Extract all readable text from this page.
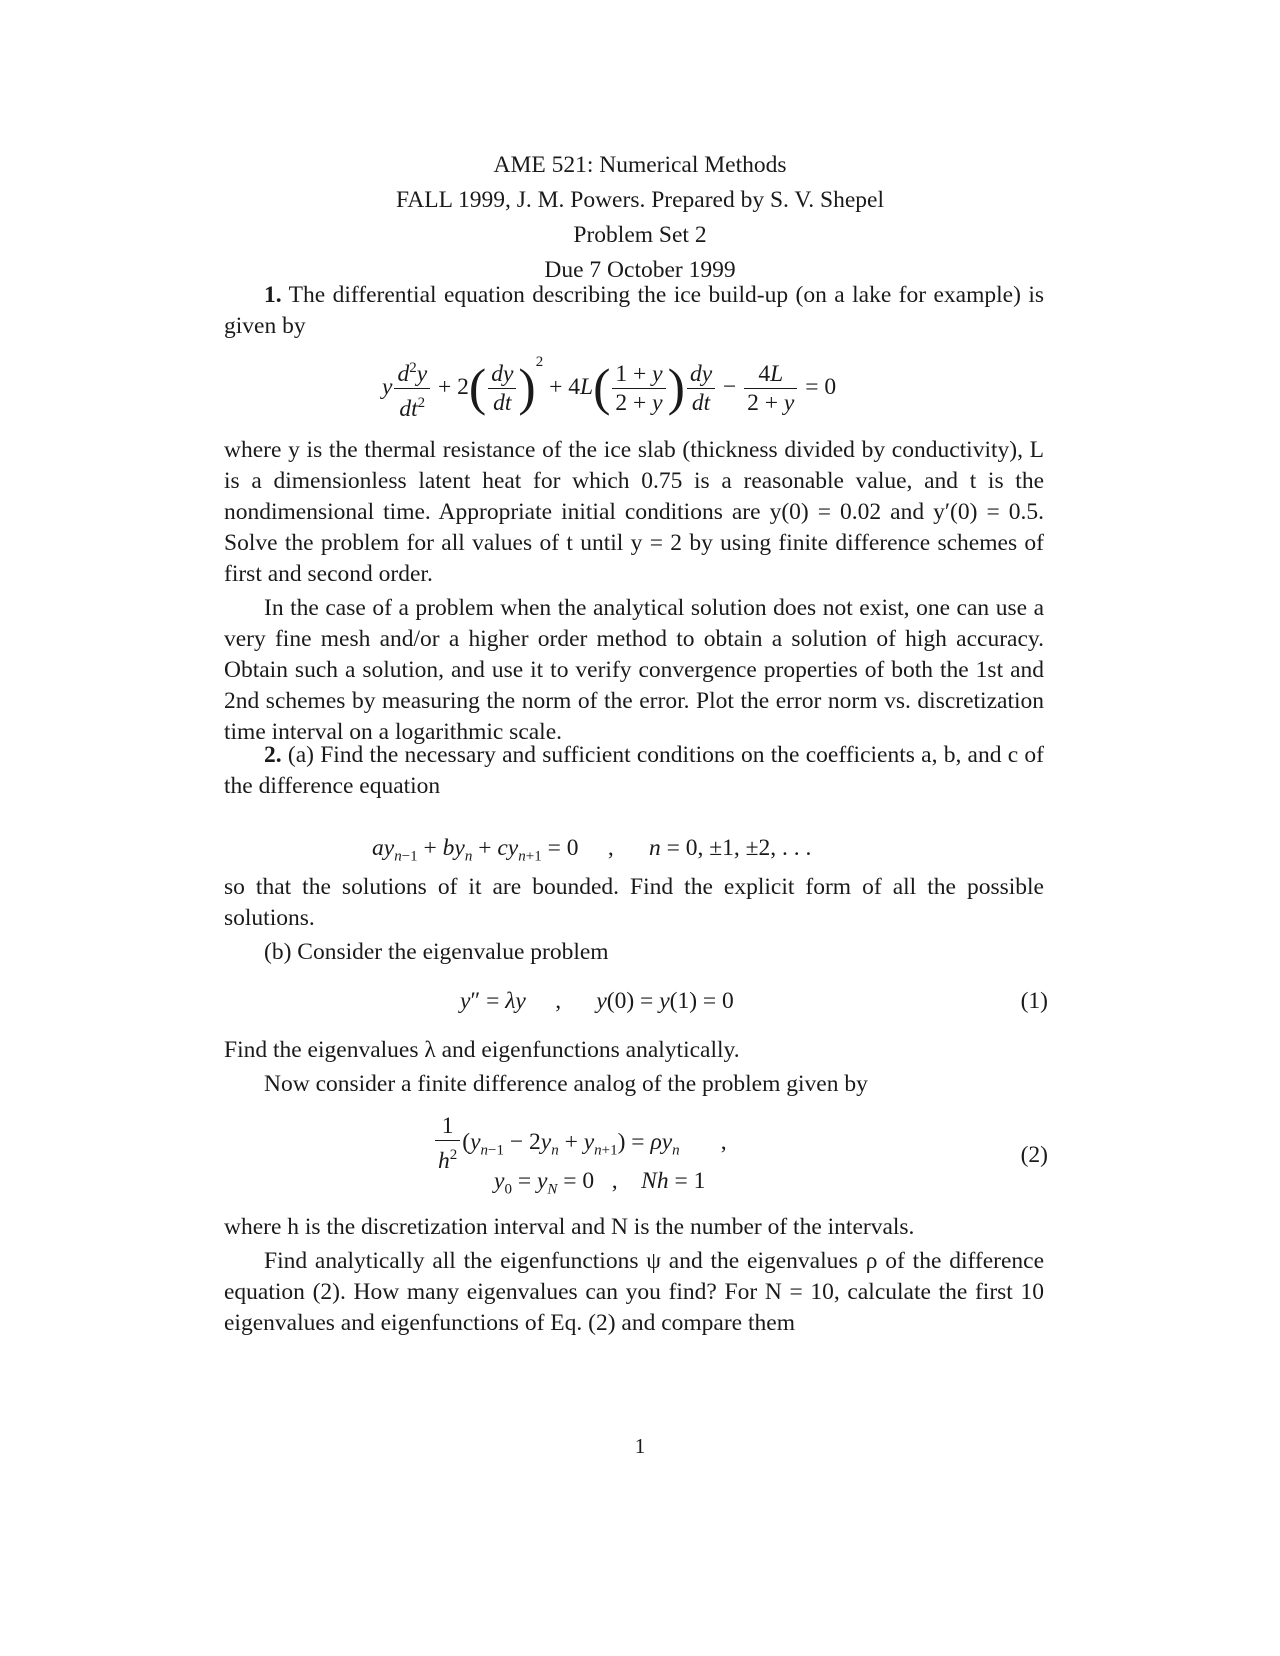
AME 521: Numerical Methods
FALL 1999, J. M. Powers. Prepared by S. V. Shepel
Problem Set 2
Due 7 October 1999

1. The differential equation describing the ice build-up (on a lake for example) is given by

y $\frac{d^2y}{dt^2} + 2( \frac{dy}{dt} )^2 + 4L( \frac{1 + y}{2 + y}$ ) $\frac{dy}{dt} - \frac{4L}{2 + y} = 0$

where y is the thermal resistance of the ice slab (thickness divided by conductivity), L is a dimensionless latent heat for which 0.75 is a reasonable value, and t is the nondimensional time. Appropriate initial conditions are y(0) = 0.02 and y′(0) = 0.5. Solve the problem for all values of t until y = 2 by using finite difference schemes of first and second order.

In the case of a problem when the analytical solution does not exist, one can use a very fine mesh and/or a higher order method to obtain a solution of high accuracy. Obtain such a solution, and use it to verify convergence properties of both the 1st and 2nd schemes by measuring the norm of the error. Plot the error norm vs. discretization time interval on a logarithmic scale.

2. (a) Find the necessary and sufficient conditions on the coefficients a, b, and c of the difference equation

$ay_{n-1} + by_n + cy_{n+1} = 0$     ,      n = 0, ±1, ±2, . . .

so that the solutions of it are bounded. Find the explicit form of all the possible solutions.

(b) Consider the eigenvalue problem

y″ = λy     ,      y(0) = y(1) = 0	(1)

Find the eigenvalues λ and eigenfunctions analytically.

Now consider a finite difference analog of the problem given by

$\frac{1}{h^2} (y_{n-1} - 2y_n + y_{n+1}) = \rho y_n$       ,
$y_0 = y_N = 0$   ,    Nh = 1
(2)

where h is the discretization interval and N is the number of the intervals.

Find analytically all the eigenfunctions ψ and the eigenvalues ρ of the difference equation (2). How many eigenvalues can you find? For N = 10, calculate the first 10 eigenvalues and eigenfunctions of Eq. (2) and compare them

1
